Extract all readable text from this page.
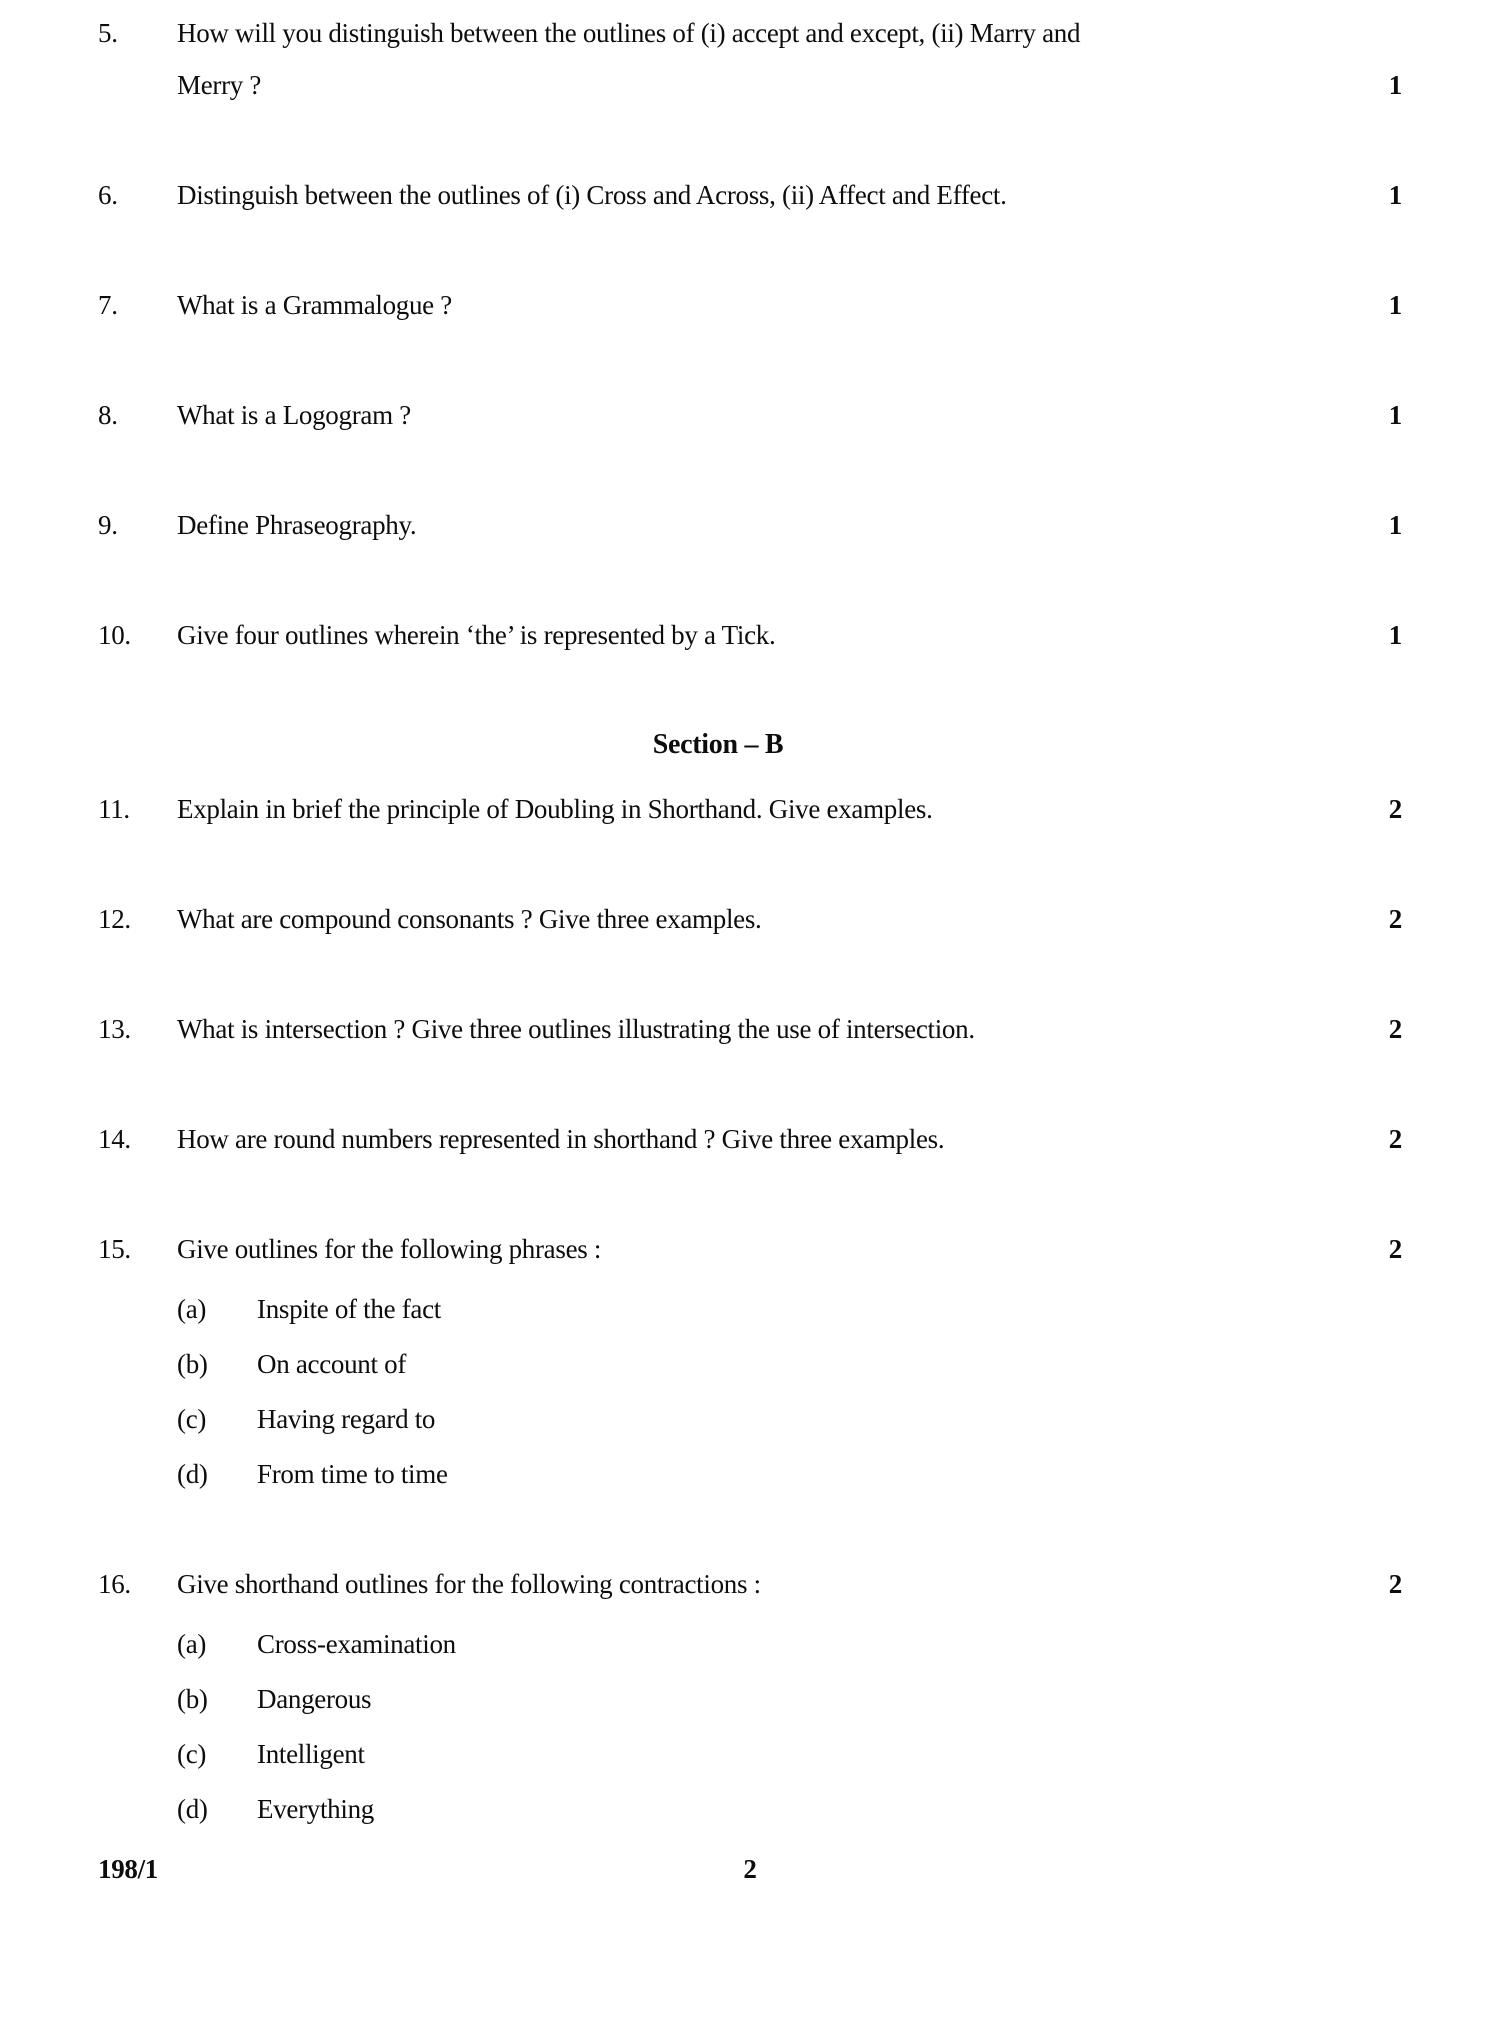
5.	How will you distinguish between the outlines of (i) accept and except, (ii) Marry and
Merry ?	1
6.	Distinguish between the outlines of (i) Cross and Across, (ii) Affect and Effect.	1
7.	What is a Grammalogue ?	1
8.	What is a Logogram ?	1
9.	Define Phraseography.	1
10.	Give four outlines wherein ‘the’ is represented by a Tick.	1
Section – B
11.	Explain in brief the principle of Doubling in Shorthand. Give examples.	2
12.	What are compound consonants ? Give three examples.	2
13.	What is intersection ? Give three outlines illustrating the use of intersection.	2
14.	How are round numbers represented in shorthand ? Give three examples.	2
15.	Give outlines for the following phrases :	2
(a)	Inspite of the fact
(b)	On account of
(c)	Having regard to
(d)	From time to time
16.	Give shorthand outlines for the following contractions :	2
(a)	Cross-examination
(b)	Dangerous
(c)	Intelligent
(d)	Everything
198/1	2
